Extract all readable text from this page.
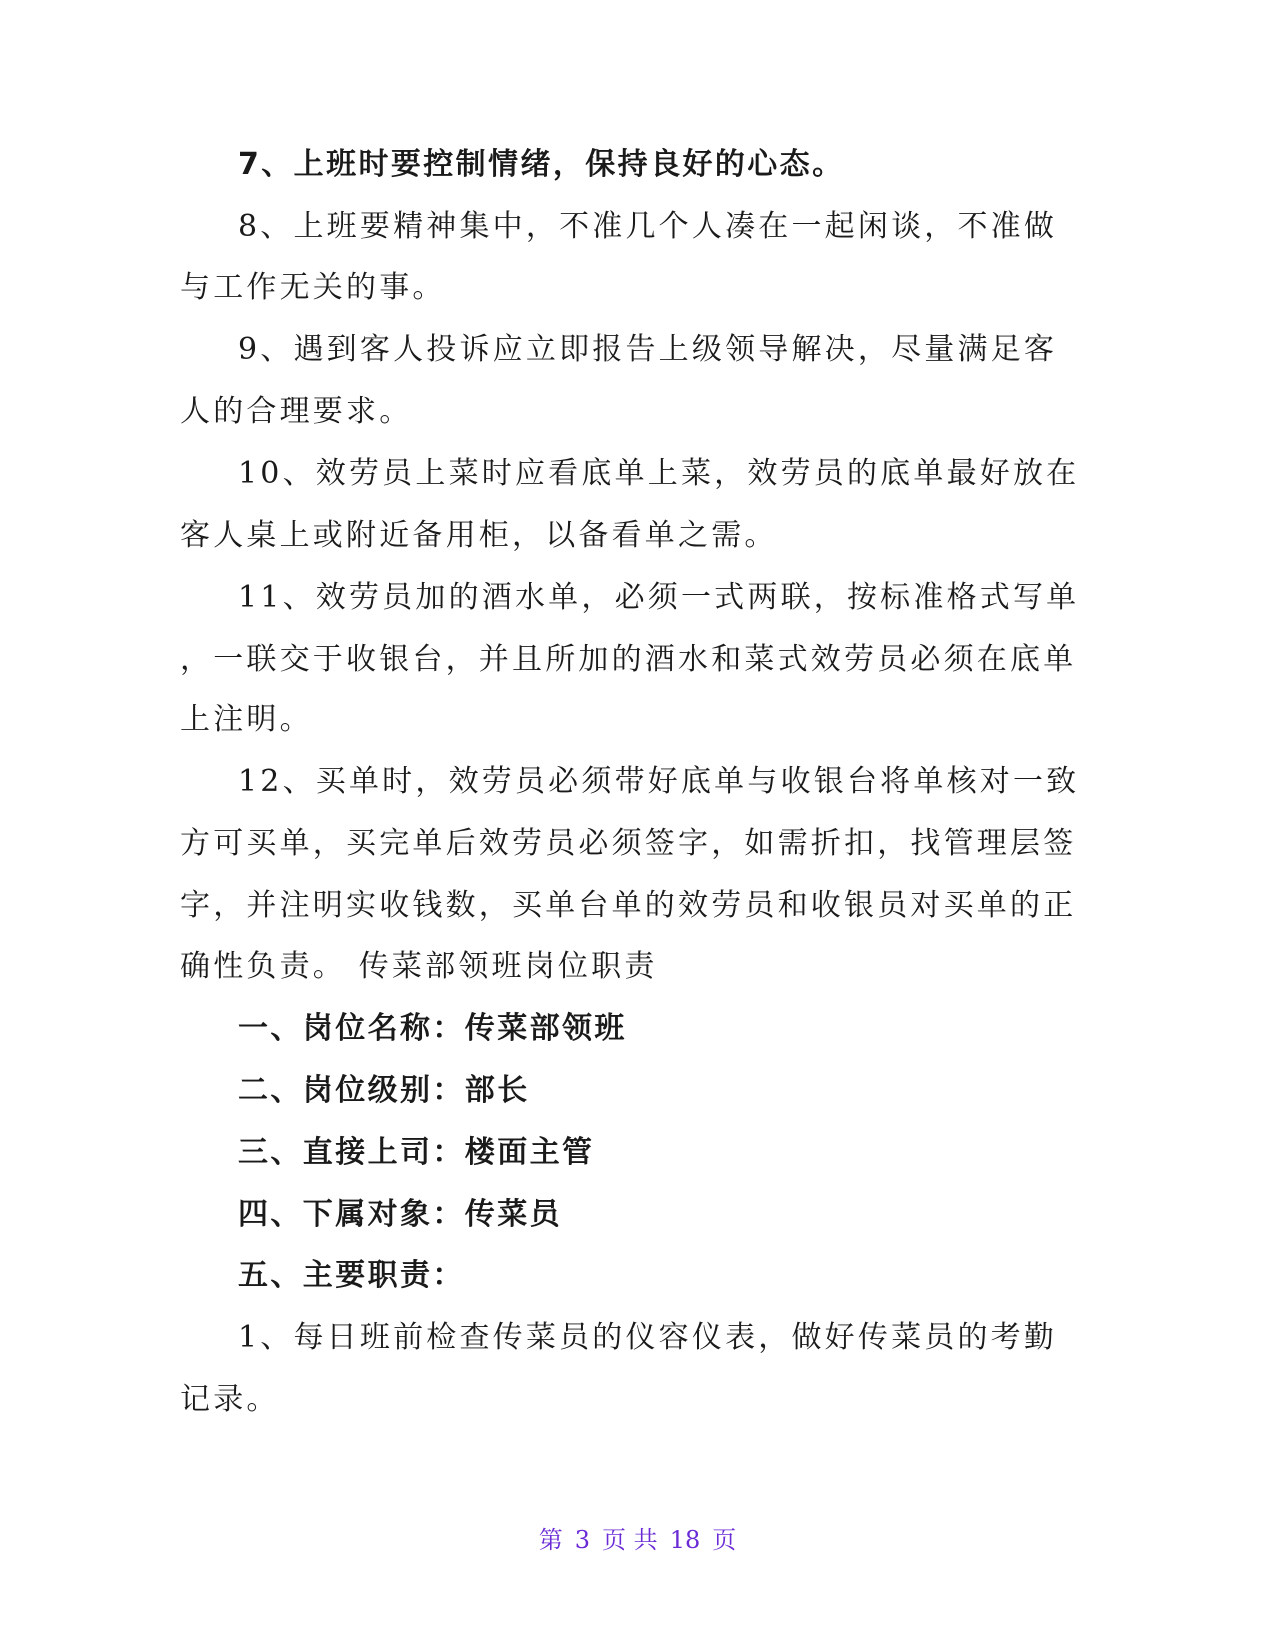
7、上班时要控制情绪，保持良好的心态。
8、上班要精神集中，不准几个人凑在一起闲谈，不准做
与工作无关的事。
9、遇到客人投诉应立即报告上级领导解决，尽量满足客
人的合理要求。
10、效劳员上菜时应看底单上菜，效劳员的底单最好放在
客人桌上或附近备用柜，以备看单之需。
11、效劳员加的酒水单，必须一式两联，按标准格式写单
，一联交于收银台，并且所加的酒水和菜式效劳员必须在底单
上注明。
12、买单时，效劳员必须带好底单与收银台将单核对一致
方可买单，买完单后效劳员必须签字，如需折扣，找管理层签
字，并注明实收钱数，买单台单的效劳员和收银员对买单的正
确性负责。 传菜部领班岗位职责
一、岗位名称：传菜部领班
二、岗位级别：部长
三、直接上司：楼面主管
四、下属对象：传菜员
五、主要职责：
1、每日班前检查传菜员的仪容仪表，做好传菜员的考勤
记录。
第 3 页 共 18 页
